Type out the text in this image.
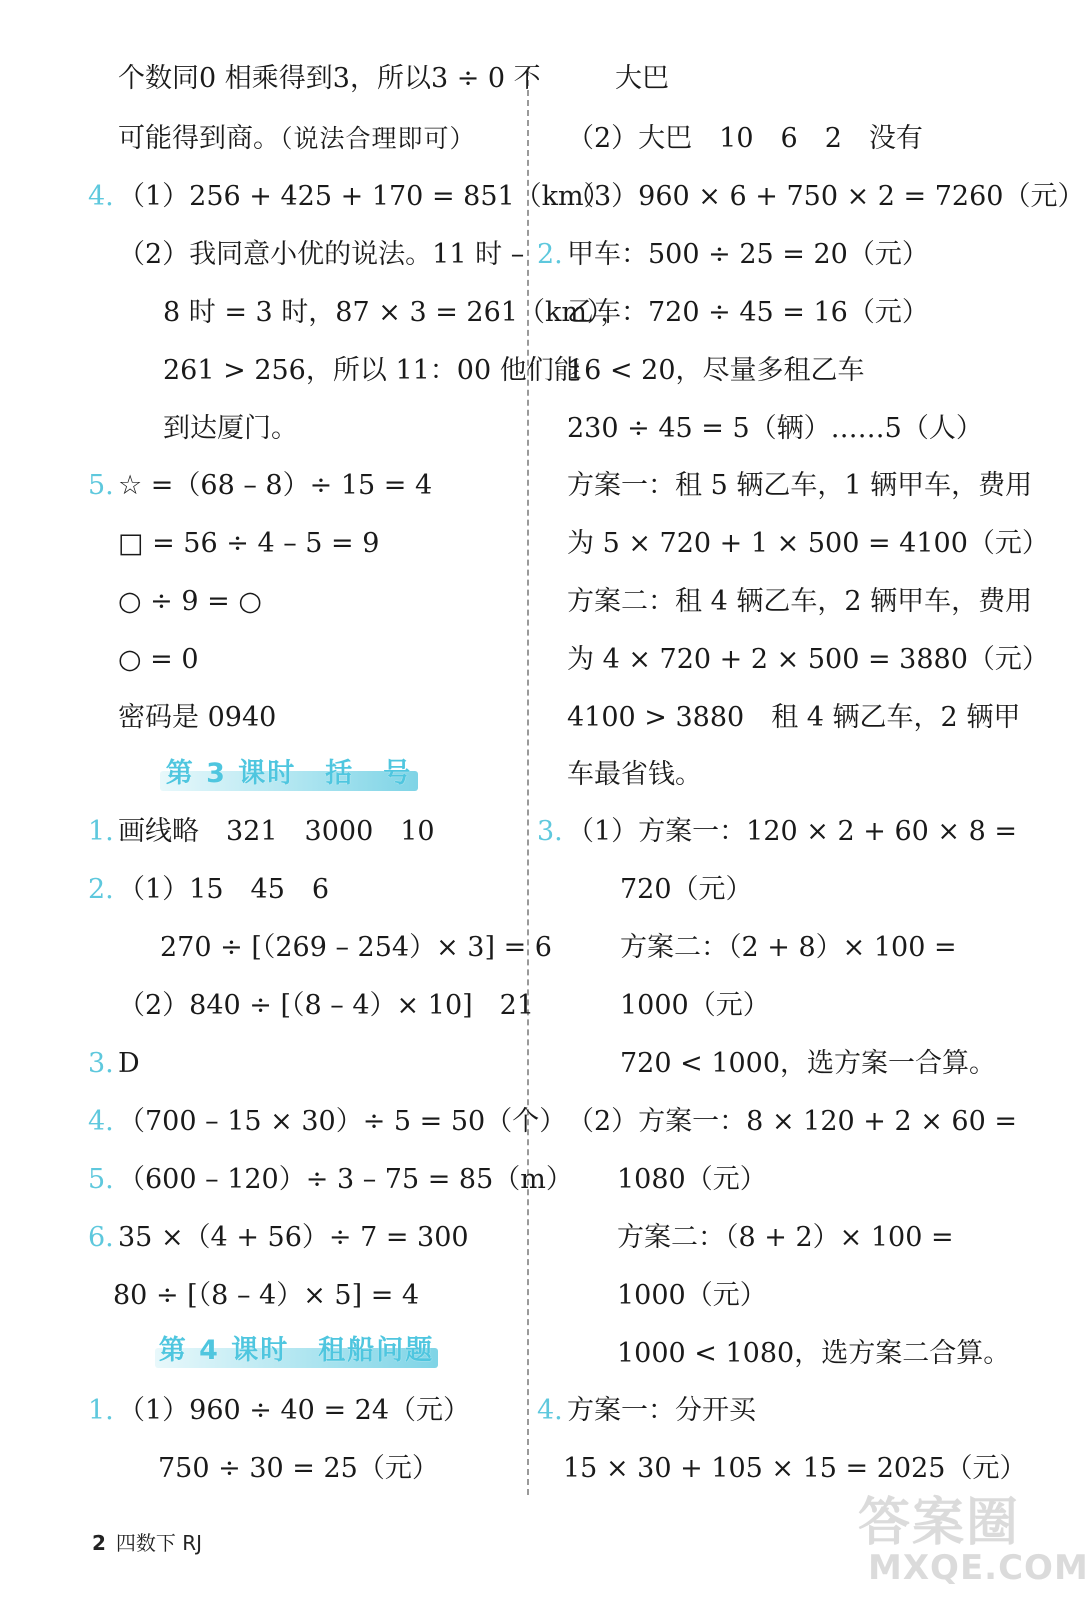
个数同0 相乘得到3，所以3 ÷ 0 不
可能得到商。（说法合理即可）
4. （1）256 + 425 + 170 = 851（km）
（2）我同意小优的说法。11 时 –
8 时 = 3 时，87 × 3 = 261（km），
261 > 256，所以 11：00 他们能
到达厦门。
5. ☆ =（68 – 8）÷ 15 = 4
□ = 56 ÷ 4 – 5 = 9
○ ÷ 9 = ○
○ = 0
密码是 0940
第 3 课时　括　号
1. 画线略　321　3000　10
2. （1）15　45　6
270 ÷ [（269 – 254）× 3] = 6
（2）840 ÷ [（8 – 4）× 10]　21
3. D
4. （700 – 15 × 30）÷ 5 = 50（个）
5. （600 – 120）÷ 3 – 75 = 85（m）
6. 35 ×（4 + 56）÷ 7 = 300
80 ÷ [（8 – 4）× 5] = 4
第 4 课时　租船问题
1. （1）960 ÷ 40 = 24（元）
750 ÷ 30 = 25（元）
大巴
（2）大巴　10　6　2　没有
（3）960 × 6 + 750 × 2 = 7260（元）
2. 甲车：500 ÷ 25 = 20（元）
乙车：720 ÷ 45 = 16（元）
16 < 20，尽量多租乙车
230 ÷ 45 = 5（辆）……5（人）
方案一：租 5 辆乙车，1 辆甲车，费用
为 5 × 720 + 1 × 500 = 4100（元）
方案二：租 4 辆乙车，2 辆甲车，费用
为 4 × 720 + 2 × 500 = 3880（元）
4100 > 3880　租 4 辆乙车，2 辆甲
车最省钱。
3. （1）方案一：120 × 2 + 60 × 8 =
720（元）
方案二：（2 + 8）× 100 =
1000（元）
720 < 1000，选方案一合算。
（2）方案一：8 × 120 + 2 × 60 =
1080（元）
方案二：（8 + 2）× 100 =
1000（元）
1000 < 1080，选方案二合算。
4. 方案一：分开买
15 × 30 + 105 × 15 = 2025（元）
2 四数下 RJ	答案圈
MXQE.COM
